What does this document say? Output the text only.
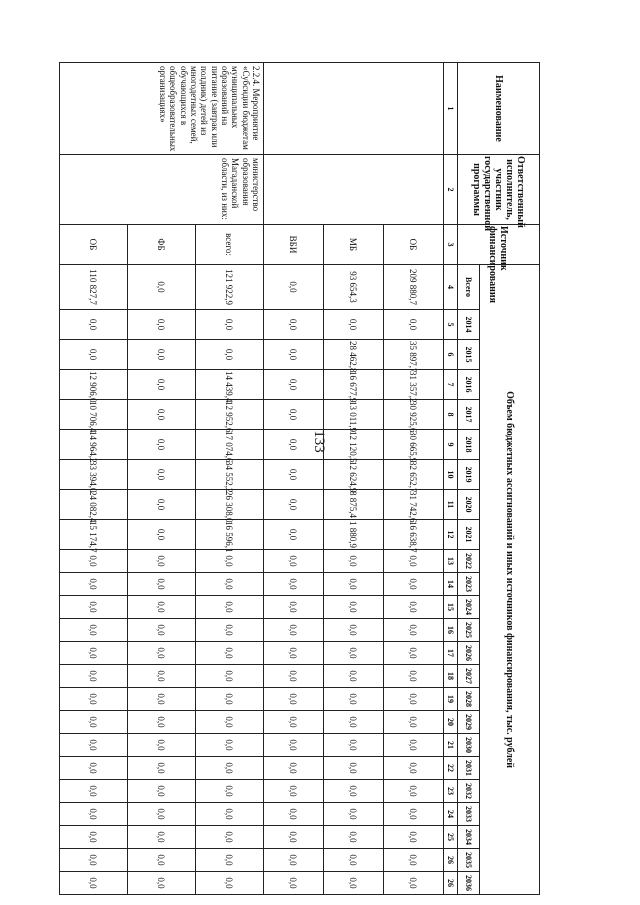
133
Наименование	Ответственный исполнитель, участник государственной программы	Источник финансирования	Объем бюджетных ассигнований и иных источников финансирования, тыс. рублей																							
			Всего	2014	2015	2016	2017	2018	2019	2020	2021	2022	2023	2024	2025	2026	2027	2028	2029	2030	2031	2032	2033	2034	2035	2036
1	2	3	4	5	6	7	8	9	10	11	12	13	14	15	16	17	18	19	20	21	22	23	24	25	26	26
		ОБ	209 880,7	0,0	35 897,7	31 357,2	30 925,6	30 665,9	32 652,7	31 742,6	16 638,7	0,0	0,0	0,0	0,0	0,0	0,0	0,0	0,0	0,0	0,0	0,0	0,0	0,0	0,0	0,0
		МБ	93 654,3	0,0	28 462,8	16 677,9	13 011,9	12 120,5	12 624,9	8 875,4	1 880,9	0,0	0,0	0,0	0,0	0,0	0,0	0,0	0,0	0,0	0,0	0,0	0,0	0,0	0,0	0,0
		ВБИ	0,0	0,0	0,0	0,0	0,0	0,0	0,0	0,0	0,0	0,0	0,0	0,0	0,0	0,0	0,0	0,0	0,0	0,0	0,0	0,0	0,0	0,0	0,0	0,0
2.2.4. Мероприятие «Субсидии бюджетам муниципальных образований на питание (завтрак или полдник) детей из многодетных семей, обучающихся в общеобразовательных организациях»	министерство образования Магаданской области, из них:	всего:	121 922,9	0,0	0,0	14 439,4	12 952,6	17 074,6	34 552,2	26 308,0	16 596,1	0,0	0,0	0,0	0,0	0,0	0,0	0,0	0,0	0,0	0,0	0,0	0,0	0,0	0,0	0,0
		ФБ	0,0	0,0	0,0	0,0	0,0	0,0	0,0	0,0	0,0	0,0	0,0	0,0	0,0	0,0	0,0	0,0	0,0	0,0	0,0	0,0	0,0	0,0	0,0	0,0
		ОБ	110 827,7	0,0	0,0	12 906,0	10 706,4	14 964,2	33 394,0	24 082,4	15 174,7	0,0	0,0	0,0	0,0	0,0	0,0	0,0	0,0	0,0	0,0	0,0	0,0	0,0	0,0	0,0
